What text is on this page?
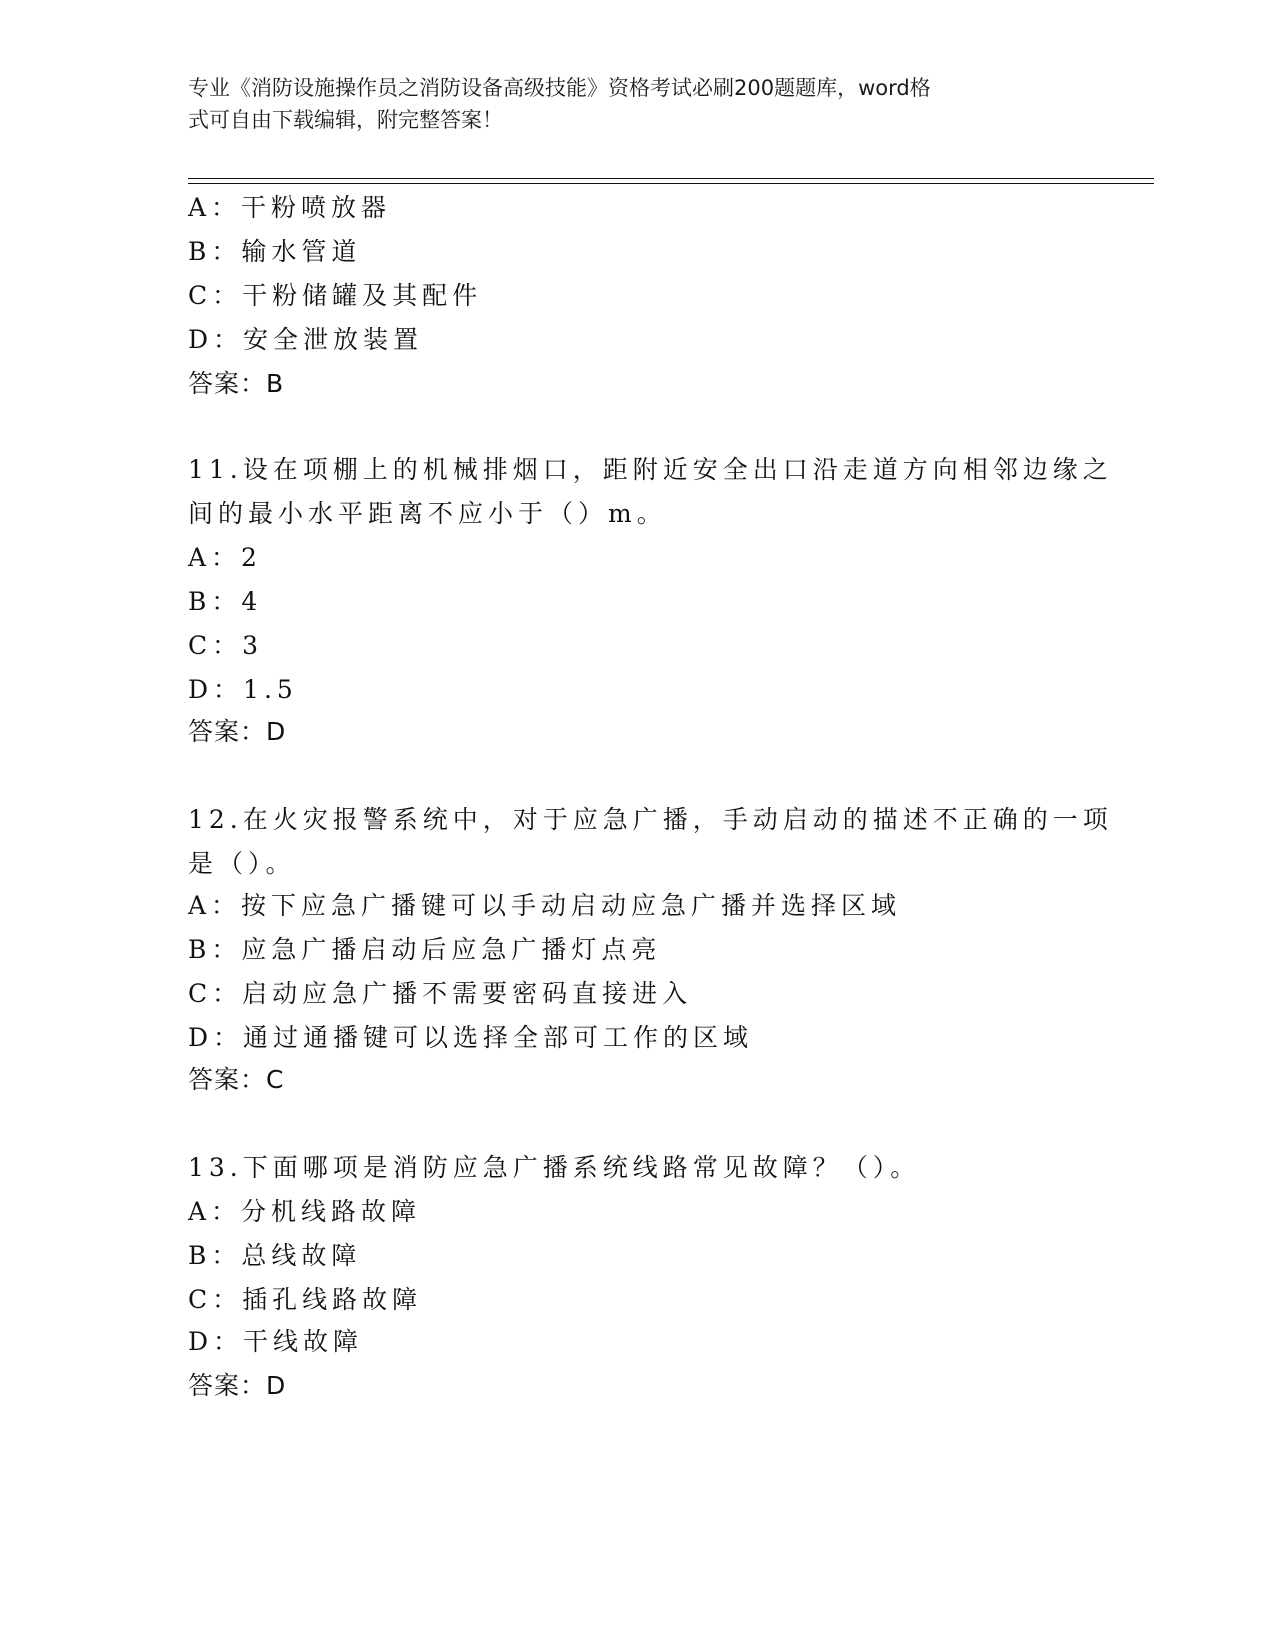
专业《消防设施操作员之消防设备高级技能》资格考试必刷200题题库，word格
式可自由下载编辑，附完整答案！
A：干粉喷放器
B：输水管道
C：干粉储罐及其配件
D：安全泄放装置
答案：B
11.设在项棚上的机械排烟口，距附近安全出口沿走道方向相邻边缘之
间的最小水平距离不应小于（）m。
A：2
B：4
C：3
D：1.5
答案：D
12.在火灾报警系统中，对于应急广播，手动启动的描述不正确的一项
是（）。
A：按下应急广播键可以手动启动应急广播并选择区域
B：应急广播启动后应急广播灯点亮
C：启动应急广播不需要密码直接进入
D：通过通播键可以选择全部可工作的区域
答案：C
13.下面哪项是消防应急广播系统线路常见故障？（）。
A：分机线路故障
B：总线故障
C：插孔线路故障
D：干线故障
答案：D
